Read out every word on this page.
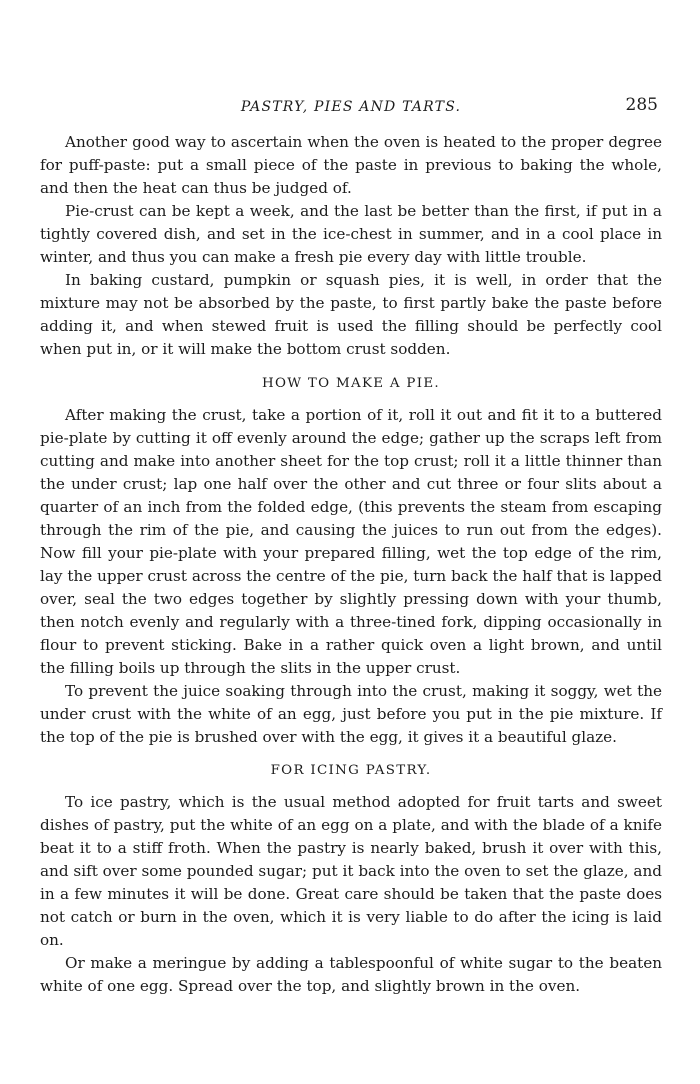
PASTRY, PIES AND TARTS.	285

Another good way to ascertain when the oven is heated to the proper degree for puff-paste: put a small piece of the paste in previous to baking the whole, and then the heat can thus be judged of.

Pie-crust can be kept a week, and the last be better than the first, if put in a tightly covered dish, and set in the ice-chest in summer, and in a cool place in winter, and thus you can make a fresh pie every day with little trouble.

In baking custard, pumpkin or squash pies, it is well, in order that the mixture may not be absorbed by the paste, to first partly bake the paste before adding it, and when stewed fruit is used the filling should be perfectly cool when put in, or it will make the bottom crust sodden.

HOW TO MAKE A PIE.

After making the crust, take a portion of it, roll it out and fit it to a buttered pie-plate by cutting it off evenly around the edge; gather up the scraps left from cutting and make into another sheet for the top crust; roll it a little thinner than the under crust; lap one half over the other and cut three or four slits about a quarter of an inch from the folded edge, (this prevents the steam from escaping through the rim of the pie, and causing the juices to run out from the edges). Now fill your pie-plate with your prepared filling, wet the top edge of the rim, lay the upper crust across the centre of the pie, turn back the half that is lapped over, seal the two edges together by slightly pressing down with your thumb, then notch evenly and regularly with a three-tined fork, dipping occasionally in flour to prevent sticking. Bake in a rather quick oven a light brown, and until the filling boils up through the slits in the upper crust.

To prevent the juice soaking through into the crust, making it soggy, wet the under crust with the white of an egg, just before you put in the pie mixture. If the top of the pie is brushed over with the egg, it gives it a beautiful glaze.

FOR ICING PASTRY.

To ice pastry, which is the usual method adopted for fruit tarts and sweet dishes of pastry, put the white of an egg on a plate, and with the blade of a knife beat it to a stiff froth. When the pastry is nearly baked, brush it over with this, and sift over some pounded sugar; put it back into the oven to set the glaze, and in a few minutes it will be done. Great care should be taken that the paste does not catch or burn in the oven, which it is very liable to do after the icing is laid on.

Or make a meringue by adding a tablespoonful of white sugar to the beaten white of one egg. Spread over the top, and slightly brown in the oven.
